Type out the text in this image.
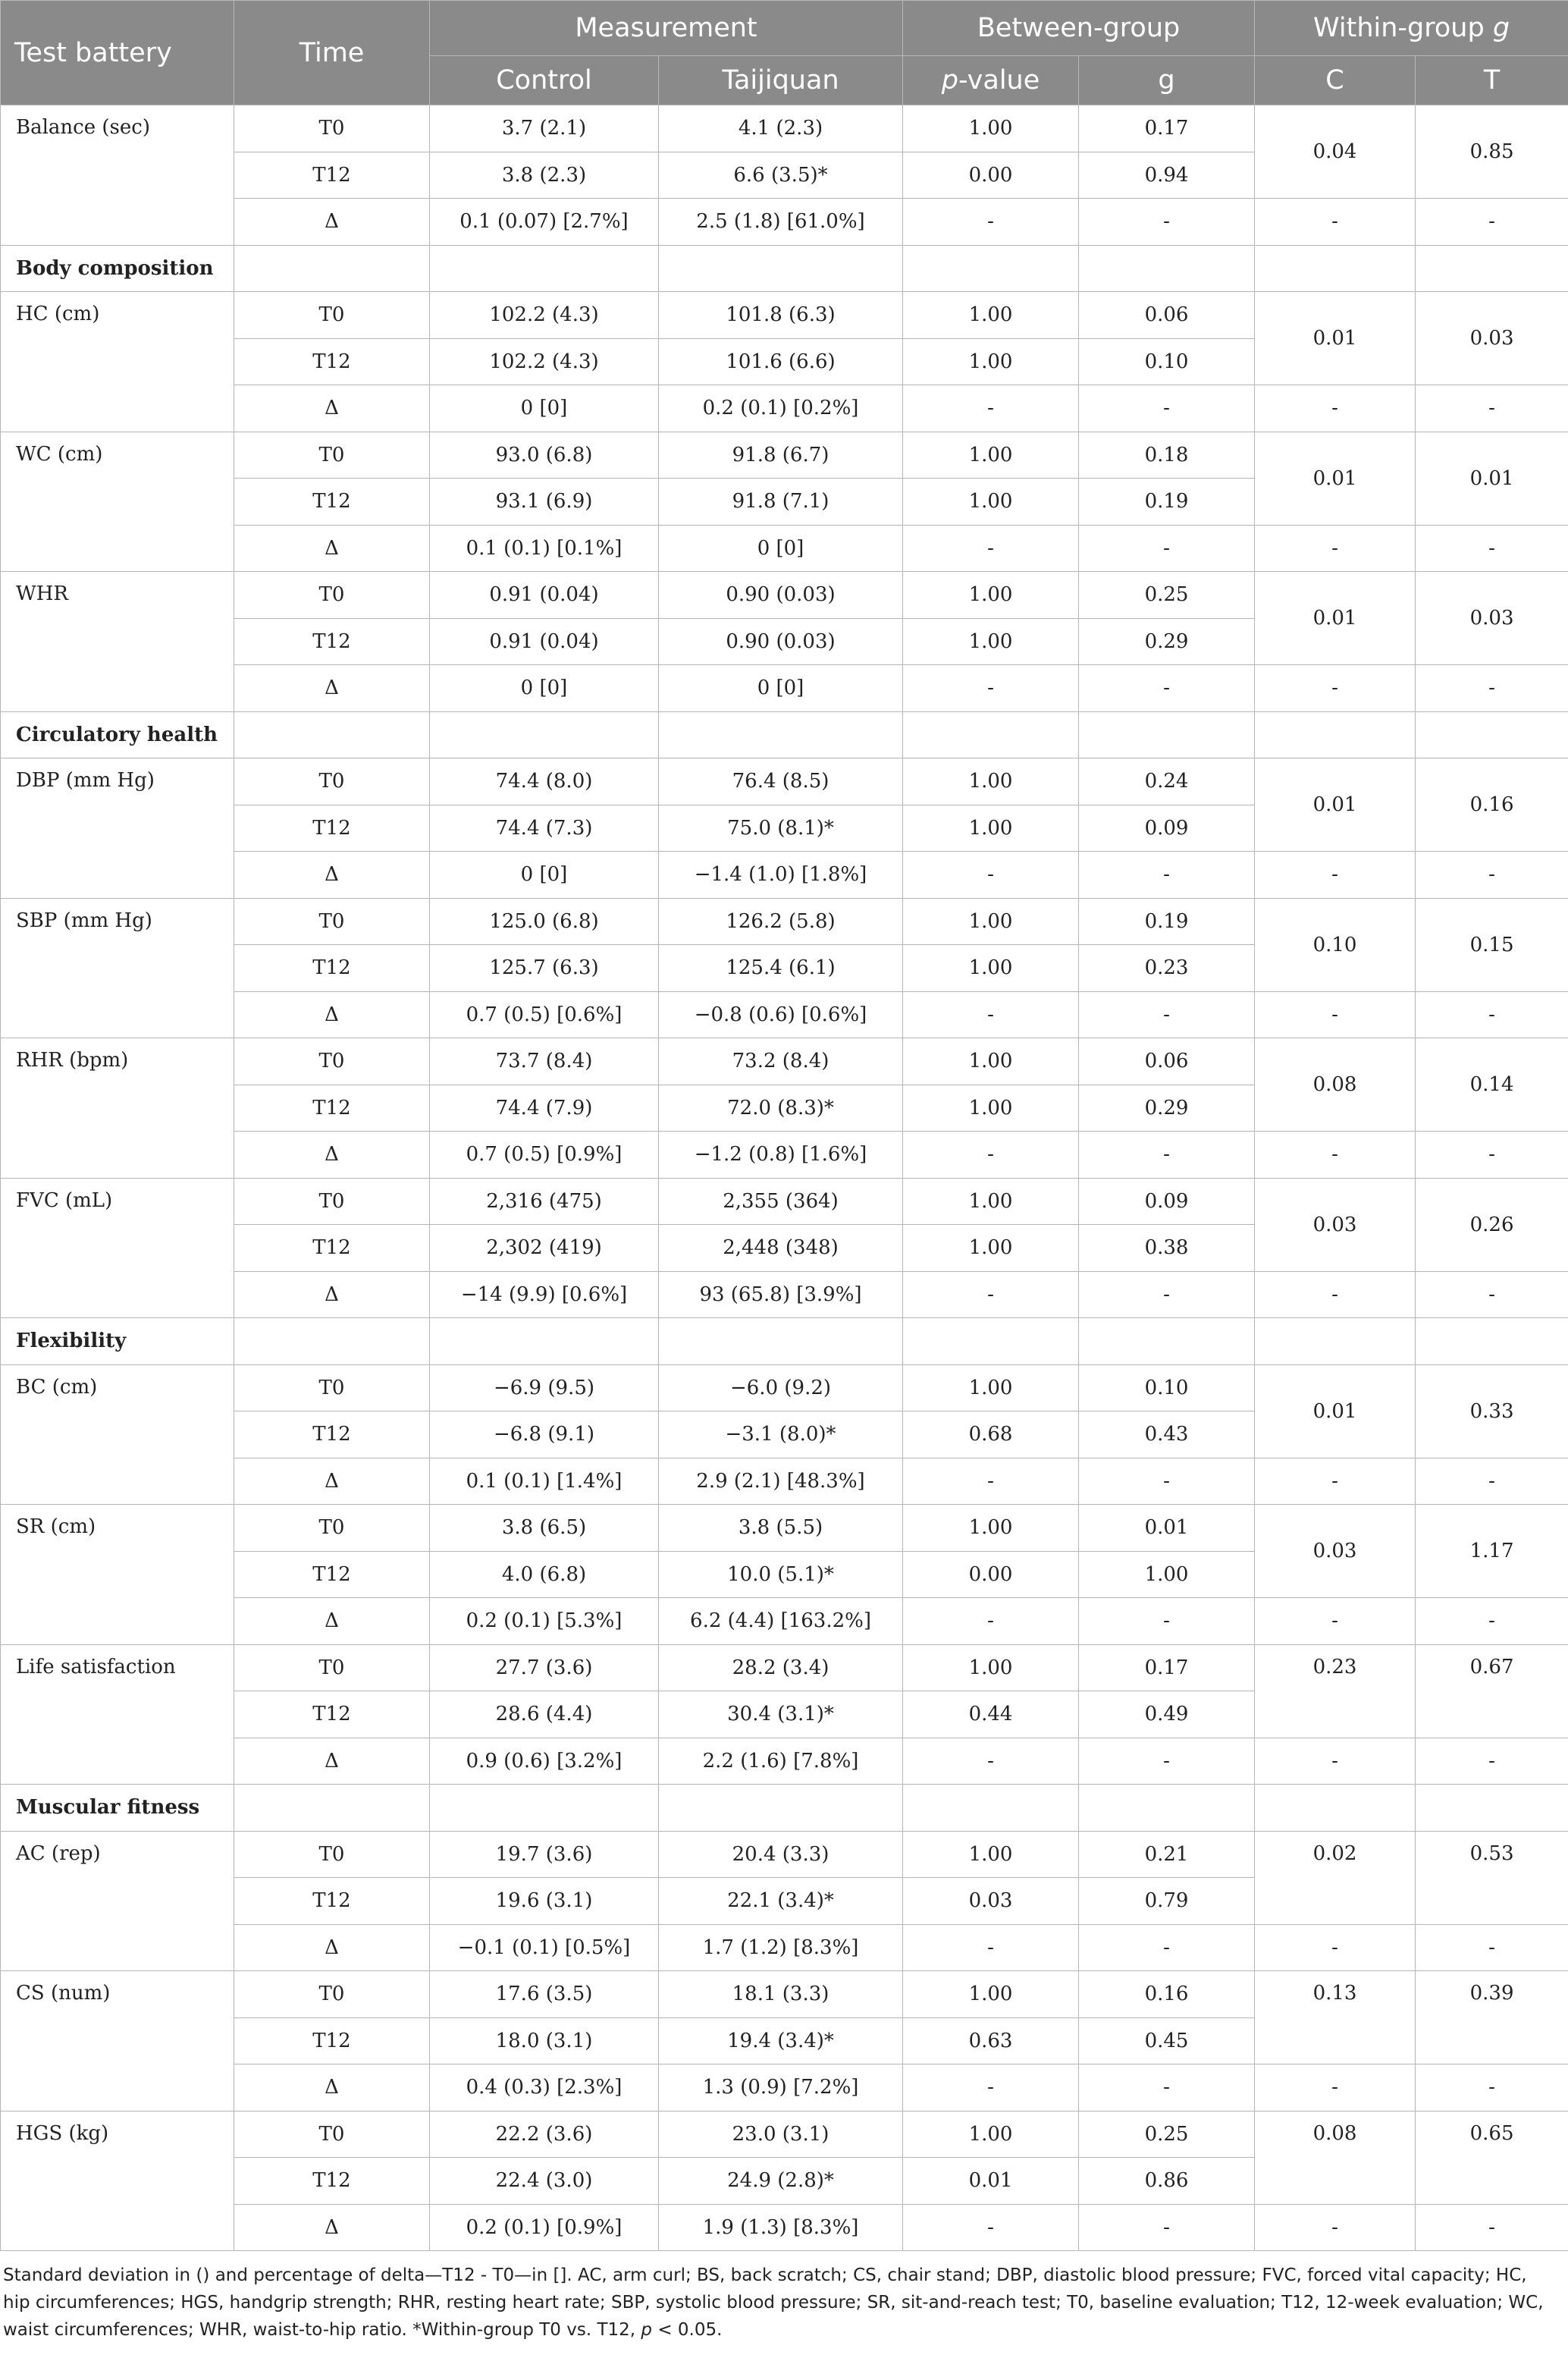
Test battery	Time	Measurement		Between-group		Within-group g	
		Control	Taijiquan	p-value	g	C	T
Balance (sec)	T0	3.7 (2.1)	4.1 (2.3)	1.00	0.17	0.04	0.85
	T12	3.8 (2.3)	6.6 (3.5)*	0.00	0.94		
	Δ	0.1 (0.07) [2.7%]	2.5 (1.8) [61.0%]	-	-	-	-
Body composition							
HC (cm)	T0	102.2 (4.3)	101.8 (6.3)	1.00	0.06	0.01	0.03
	T12	102.2 (4.3)	101.6 (6.6)	1.00	0.10		
	Δ	0 [0]	0.2 (0.1) [0.2%]	-	-	-	-
WC (cm)	T0	93.0 (6.8)	91.8 (6.7)	1.00	0.18	0.01	0.01
	T12	93.1 (6.9)	91.8 (7.1)	1.00	0.19		
	Δ	0.1 (0.1) [0.1%]	0 [0]	-	-	-	-
WHR	T0	0.91 (0.04)	0.90 (0.03)	1.00	0.25	0.01	0.03
	T12	0.91 (0.04)	0.90 (0.03)	1.00	0.29		
	Δ	0 [0]	0 [0]	-	-	-	-
Circulatory health							
DBP (mm Hg)	T0	74.4 (8.0)	76.4 (8.5)	1.00	0.24	0.01	0.16
	T12	74.4 (7.3)	75.0 (8.1)*	1.00	0.09		
	Δ	0 [0]	−1.4 (1.0) [1.8%]	-	-	-	-
SBP (mm Hg)	T0	125.0 (6.8)	126.2 (5.8)	1.00	0.19	0.10	0.15
	T12	125.7 (6.3)	125.4 (6.1)	1.00	0.23		
	Δ	0.7 (0.5) [0.6%]	−0.8 (0.6) [0.6%]	-	-	-	-
RHR (bpm)	T0	73.7 (8.4)	73.2 (8.4)	1.00	0.06	0.08	0.14
	T12	74.4 (7.9)	72.0 (8.3)*	1.00	0.29		
	Δ	0.7 (0.5) [0.9%]	−1.2 (0.8) [1.6%]	-	-	-	-
FVC (mL)	T0	2,316 (475)	2,355 (364)	1.00	0.09	0.03	0.26
	T12	2,302 (419)	2,448 (348)	1.00	0.38		
	Δ	−14 (9.9) [0.6%]	93 (65.8) [3.9%]	-	-	-	-
Flexibility							
BC (cm)	T0	−6.9 (9.5)	−6.0 (9.2)	1.00	0.10	0.01	0.33
	T12	−6.8 (9.1)	−3.1 (8.0)*	0.68	0.43		
	Δ	0.1 (0.1) [1.4%]	2.9 (2.1) [48.3%]	-	-	-	-
SR (cm)	T0	3.8 (6.5)	3.8 (5.5)	1.00	0.01	0.03	1.17
	T12	4.0 (6.8)	10.0 (5.1)*	0.00	1.00		
	Δ	0.2 (0.1) [5.3%]	6.2 (4.4) [163.2%]	-	-	-	-
Life satisfaction	T0	27.7 (3.6)	28.2 (3.4)	1.00	0.17	0.23	0.67
	T12	28.6 (4.4)	30.4 (3.1)*	0.44	0.49		
	Δ	0.9 (0.6) [3.2%]	2.2 (1.6) [7.8%]	-	-	-	-
Muscular fitness							
AC (rep)	T0	19.7 (3.6)	20.4 (3.3)	1.00	0.21	0.02	0.53
	T12	19.6 (3.1)	22.1 (3.4)*	0.03	0.79		
	Δ	−0.1 (0.1) [0.5%]	1.7 (1.2) [8.3%]	-	-	-	-
CS (num)	T0	17.6 (3.5)	18.1 (3.3)	1.00	0.16	0.13	0.39
	T12	18.0 (3.1)	19.4 (3.4)*	0.63	0.45		
	Δ	0.4 (0.3) [2.3%]	1.3 (0.9) [7.2%]	-	-	-	-
HGS (kg)	T0	22.2 (3.6)	23.0 (3.1)	1.00	0.25	0.08	0.65
	T12	22.4 (3.0)	24.9 (2.8)*	0.01	0.86		
	Δ	0.2 (0.1) [0.9%]	1.9 (1.3) [8.3%]	-	-	-	-
Standard deviation in () and percentage of delta—T12 - T0—in []. AC, arm curl; BS, back scratch; CS, chair stand; DBP, diastolic blood pressure; FVC, forced vital capacity; HC, hip circumferences; HGS, handgrip strength; RHR, resting heart rate; SBP, systolic blood pressure; SR, sit-and-reach test; T0, baseline evaluation; T12, 12-week evaluation; WC, waist circumferences; WHR, waist-to-hip ratio. *Within-group T0 vs. T12, p < 0.05.
